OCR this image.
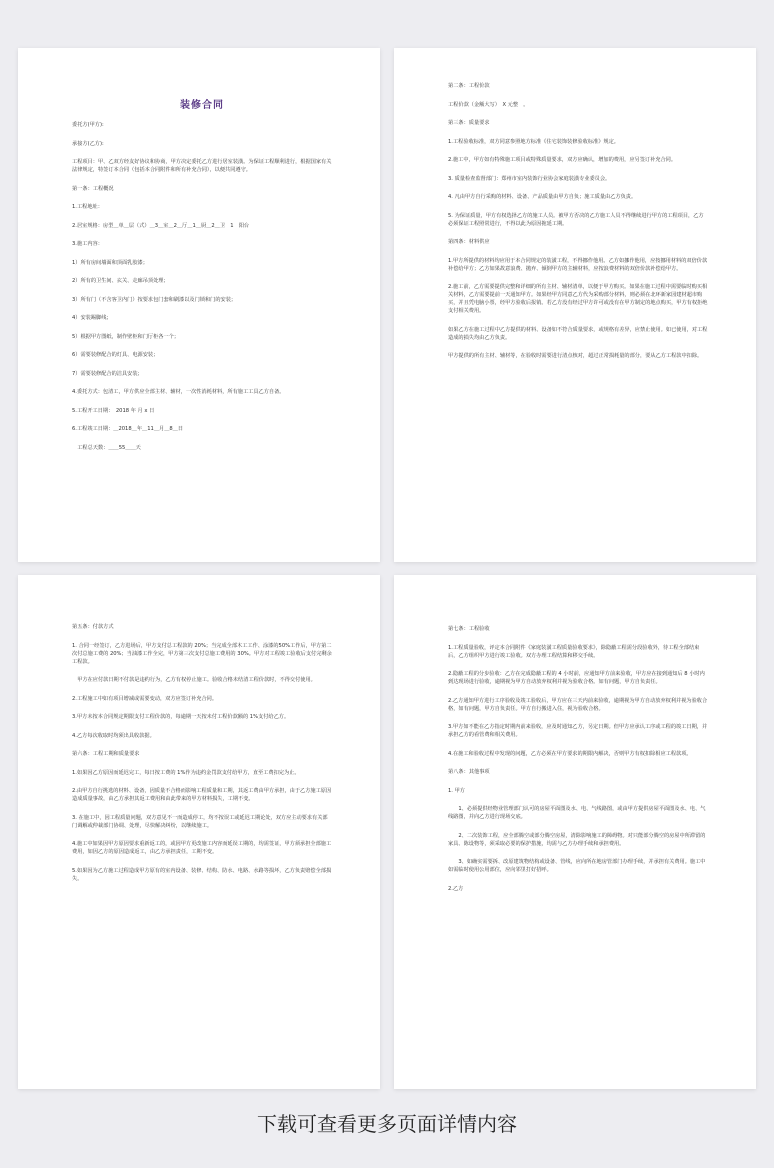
装修合同
委托方(甲方):
承接方(乙方):
工程项目：甲、乙双方经友好协议和协商，甲方决定委托乙方进行居室装潢。为保证工程顺利进行，根据国家有关法律规定，特签订本合同（包括本合同附件和所有补充合同），以便共同遵守。
第一条：工程概况
1.工程地址：
2.居室规格：房型＿单＿层（式）＿3＿室＿2＿厅＿1＿厨＿2＿卫　1　阳台
3.施工内容：
1）所有房间墙面和顶面乳胶漆；
2）所有的卫生间、玄关、走廊吊顶处理；
3）所有门（不含客卫内门）按要求包门套和刷漆以及门锁和门的安装；
4）安装踢脚线；
5）根据甲方图纸，制作壁柜和门厅柜各一个；
6）需要装修配合的灯具、电源安装；
7）需要装修配合的洁具安装；
4.委托方式：包清工，甲方供应全部主材、辅材，一次性消耗材料，所有施工工具乙方自备。
5.工程开工日期：　2018 年 月 x 日
6.工程竣工日期：＿2018＿年＿11＿月＿8＿日
　工程总天数：＿＿55＿＿天
第二条：工程价款
工程价款（金额大写）　X 元整　。
第三条：质量要求
1.工程验收标准，双方同意参照地方标准《住宅装饰装修验收标准》规定。
2.施工中，甲方如有特殊施工项目或特殊质量要求，双方应确认，增加的费用，应另签订补充合同。
3. 质量检查监督部门：郑州市室内装饰行业协会家庭装潢专业委员会。
4. 凡由甲方自行采购的材料、设备、产品质量由甲方自负；施工质量由乙方负责。
5. 为保证质量，甲方有权选择乙方的施工人员。被甲方否决的乙方施工人员不得继续进行甲方的工程项目，乙方必须保证工程照常进行，不得以此为原因拖延工期。
第四条：材料供应
1.甲方所提供的材料均应用于本合同规定的装潢工程，不得挪作他用。乙方如挪作他用，应按挪用材料的双倍价款补偿给甲方；乙方如果故意浪费、抛弃、倾倒甲方的主辅材料，应按浪费材料的双倍价款补偿给甲方。
2.施工前，乙方需要提供完整和详细的所有主材、辅材清单，以便于甲方购买。如果在施工过程中需要临时购买相关材料，乙方需要提前一天通知甲方。如果经甲方同意乙方代为采购部分材料，则必须在北环新家园建材超市购买，并且凭电脑小票，经甲方验收后报销。若乙方没有经过甲方许可或没有在甲方制定的地点购买，甲方有权拒绝支付相关费用。
如果乙方在施工过程中乙方提供的材料、设备如不符合质量要求，或规格有差异，应禁止使用。如已使用，对工程造成的损失均由乙方负责。
甲方提供的所有主材、辅材等，在验收时需要进行清点核对，超过正常损耗量的部分，要从乙方工程款中扣除。
第五条：付款方式
1. 合同一经签订，乙方进场后，甲方支付总工程款的 20%；当完成全部木工工作、涂漆的50%工作后，甲方第二次付总施工费的 20%；当油漆工作全完，甲方第三次支付总施工费用的 30%。甲方对工程竣工验收后支付完剩余工程款。
　甲方在应付款日期不付款是违约行为，乙方有权停止施工。验收合格未结清工程价款时，不得交付使用。
2.工程施工中如有项目增减或需要变动，双方应签订补充合同。
3.甲方未按本合同规定期限支付工程价款的，每逾期一天按未付工程价款额的 1%支付给乙方。
4.乙方每次收取时均须出具收款据。
第六条：工程工期和质量要求
1.如果因乙方原因而延迟完工，每日按工费的 1%作为违约金罚款支付给甲方，直至工费扣完为止。
2.由甲方自行挑选的材料、设备，因质量不合格而影响工程质量和工期，其返工费由甲方承担，由于乙方施工原因造成质量事故，由乙方承担其返工费用和由此带来的甲方材料损失，工期不变。
3. 在施工中，因工程质量问题，双方意见不一而造成停工，均不按误工或延迟工期论处，双方应主动要求有关部门调解或仲裁部门协调、处理，尽快解决纠纷，以继续施工。
4.施工中如果因甲方原因要求重新返工的，或因甲方更改施工内容而延误工期的，均需签证，甲方须承担全部施工费用，如因乙方的原因造成返工，由乙方承担责任，工期不变。
5.如果因为乙方施工过程造成甲方原有的室内设备、装修、结构、防水、电路、水路等损坏，乙方负责赔偿全部损失。
第七条：工程验收
1.工程质量验收，评定本合同附件《家庭装潢工程质量验收要求》，除隐蔽工程需分段验收外，待工程全部结束后，乙方组织甲方进行竣工验收。双方办理工程结算和移交手续。
2.隐蔽工程的分步验收：乙方在完成隐蔽工程的 4 小时前，应通知甲方前来验收，甲方应在接到通知后 8 小时内到达现场进行验收，逾期视为甲方自动放弃权利并视为验收合格。如有问题，甲方自负责任。
2.乙方通知甲方进行工序验收及竣工验收后，甲方应在三天内前来验收，逾期视为甲方自动放弃权利并视为验收合格，如有问题，甲方自负责任。甲方自行搬进入住，视为验收合格。
3.甲方如不能在乙方指定时期内前来验收，应及时通知乙方，另定日期。但甲方应承认工序或工程的竣工日期，并承担乙方的看管费和相关费用。
4.在施工和验收过程中发现的问题，乙方必须在甲方要求的期限内解决，否则甲方有权扣除相应工程款项。
第八条：其他事项
1. 甲方
　　1、必须提供经物业管理部门认可的房屋平面图及水、电、气线路图，或由甲方提供房屋平面图及水、电、气线路图，并向乙方进行现场交底。
　　2、二次装饰工程，应全部腾空或部分腾空房屋，清除影响施工的障碍物。对只能部分腾空的房屋中所滞留的家具、陈设物等，须采取必要的保护措施，均需与乙方办理手续和承担费用。
　　3、如确实需要拆、改原建筑物结构或设备、管线，应向所在地房管部门办理手续，并承担有关费用。施工中如需临时使用公用部位，应向邻里打好招呼。
2.乙方
下载可查看更多页面详情内容
